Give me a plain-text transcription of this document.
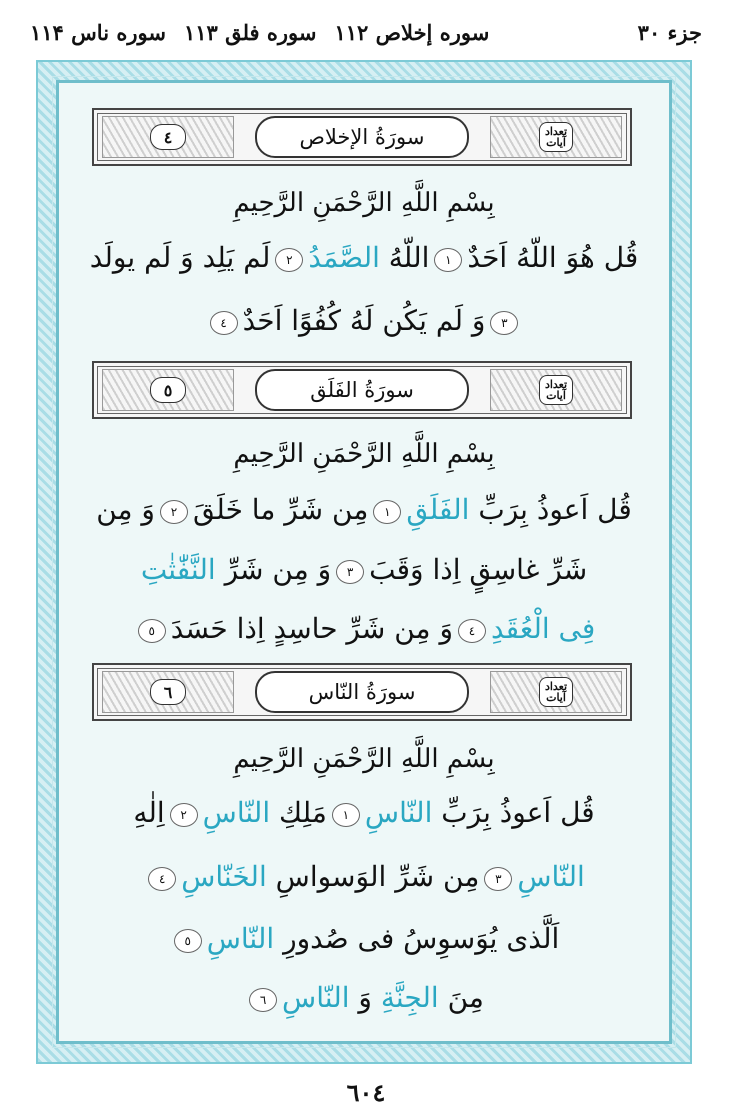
جزء ۳۰
سوره إخلاص ۱۱۲
سوره فلق ۱۱۳
سوره ناس ۱۱۴
تعداد
آيات
سورَةُ الإخلاص
٤
بِسْمِ اللَّهِ الرَّحْمَنِ الرَّحِيمِ
قُل هُوَ اللّهُ اَحَدٌ١اللّهُ الصَّمَدُ٢لَم يَلِد وَ لَم يولَد
٣وَ لَم يَكُن لَهُ كُفُوًا اَحَدٌ٤
تعداد
آيات
سورَةُ الفَلَق
٥
بِسْمِ اللَّهِ الرَّحْمَنِ الرَّحِيمِ
قُل اَعوذُ بِرَبِّ الفَلَقِ١مِن شَرِّ ما خَلَقَ٢وَ مِن
شَرِّ غاسِقٍ اِذا وَقَبَ٣وَ مِن شَرِّ النَّفّٰثٰتِ
فِى الْعُقَدِ٤وَ مِن شَرِّ حاسِدٍ اِذا حَسَدَ٥
تعداد
آيات
سورَةُ النّاس
٦
بِسْمِ اللَّهِ الرَّحْمَنِ الرَّحِيمِ
قُل اَعوذُ بِرَبِّ النّاسِ١مَلِكِ النّاسِ٢اِلٰهِ
النّاسِ٣مِن شَرِّ الوَسواسِ الخَنّاسِ٤
اَلَّذى يُوَسوِسُ فى صُدورِ النّاسِ٥
مِنَ الجِنَّةِ وَ النّاسِ٦
٦٠٤
